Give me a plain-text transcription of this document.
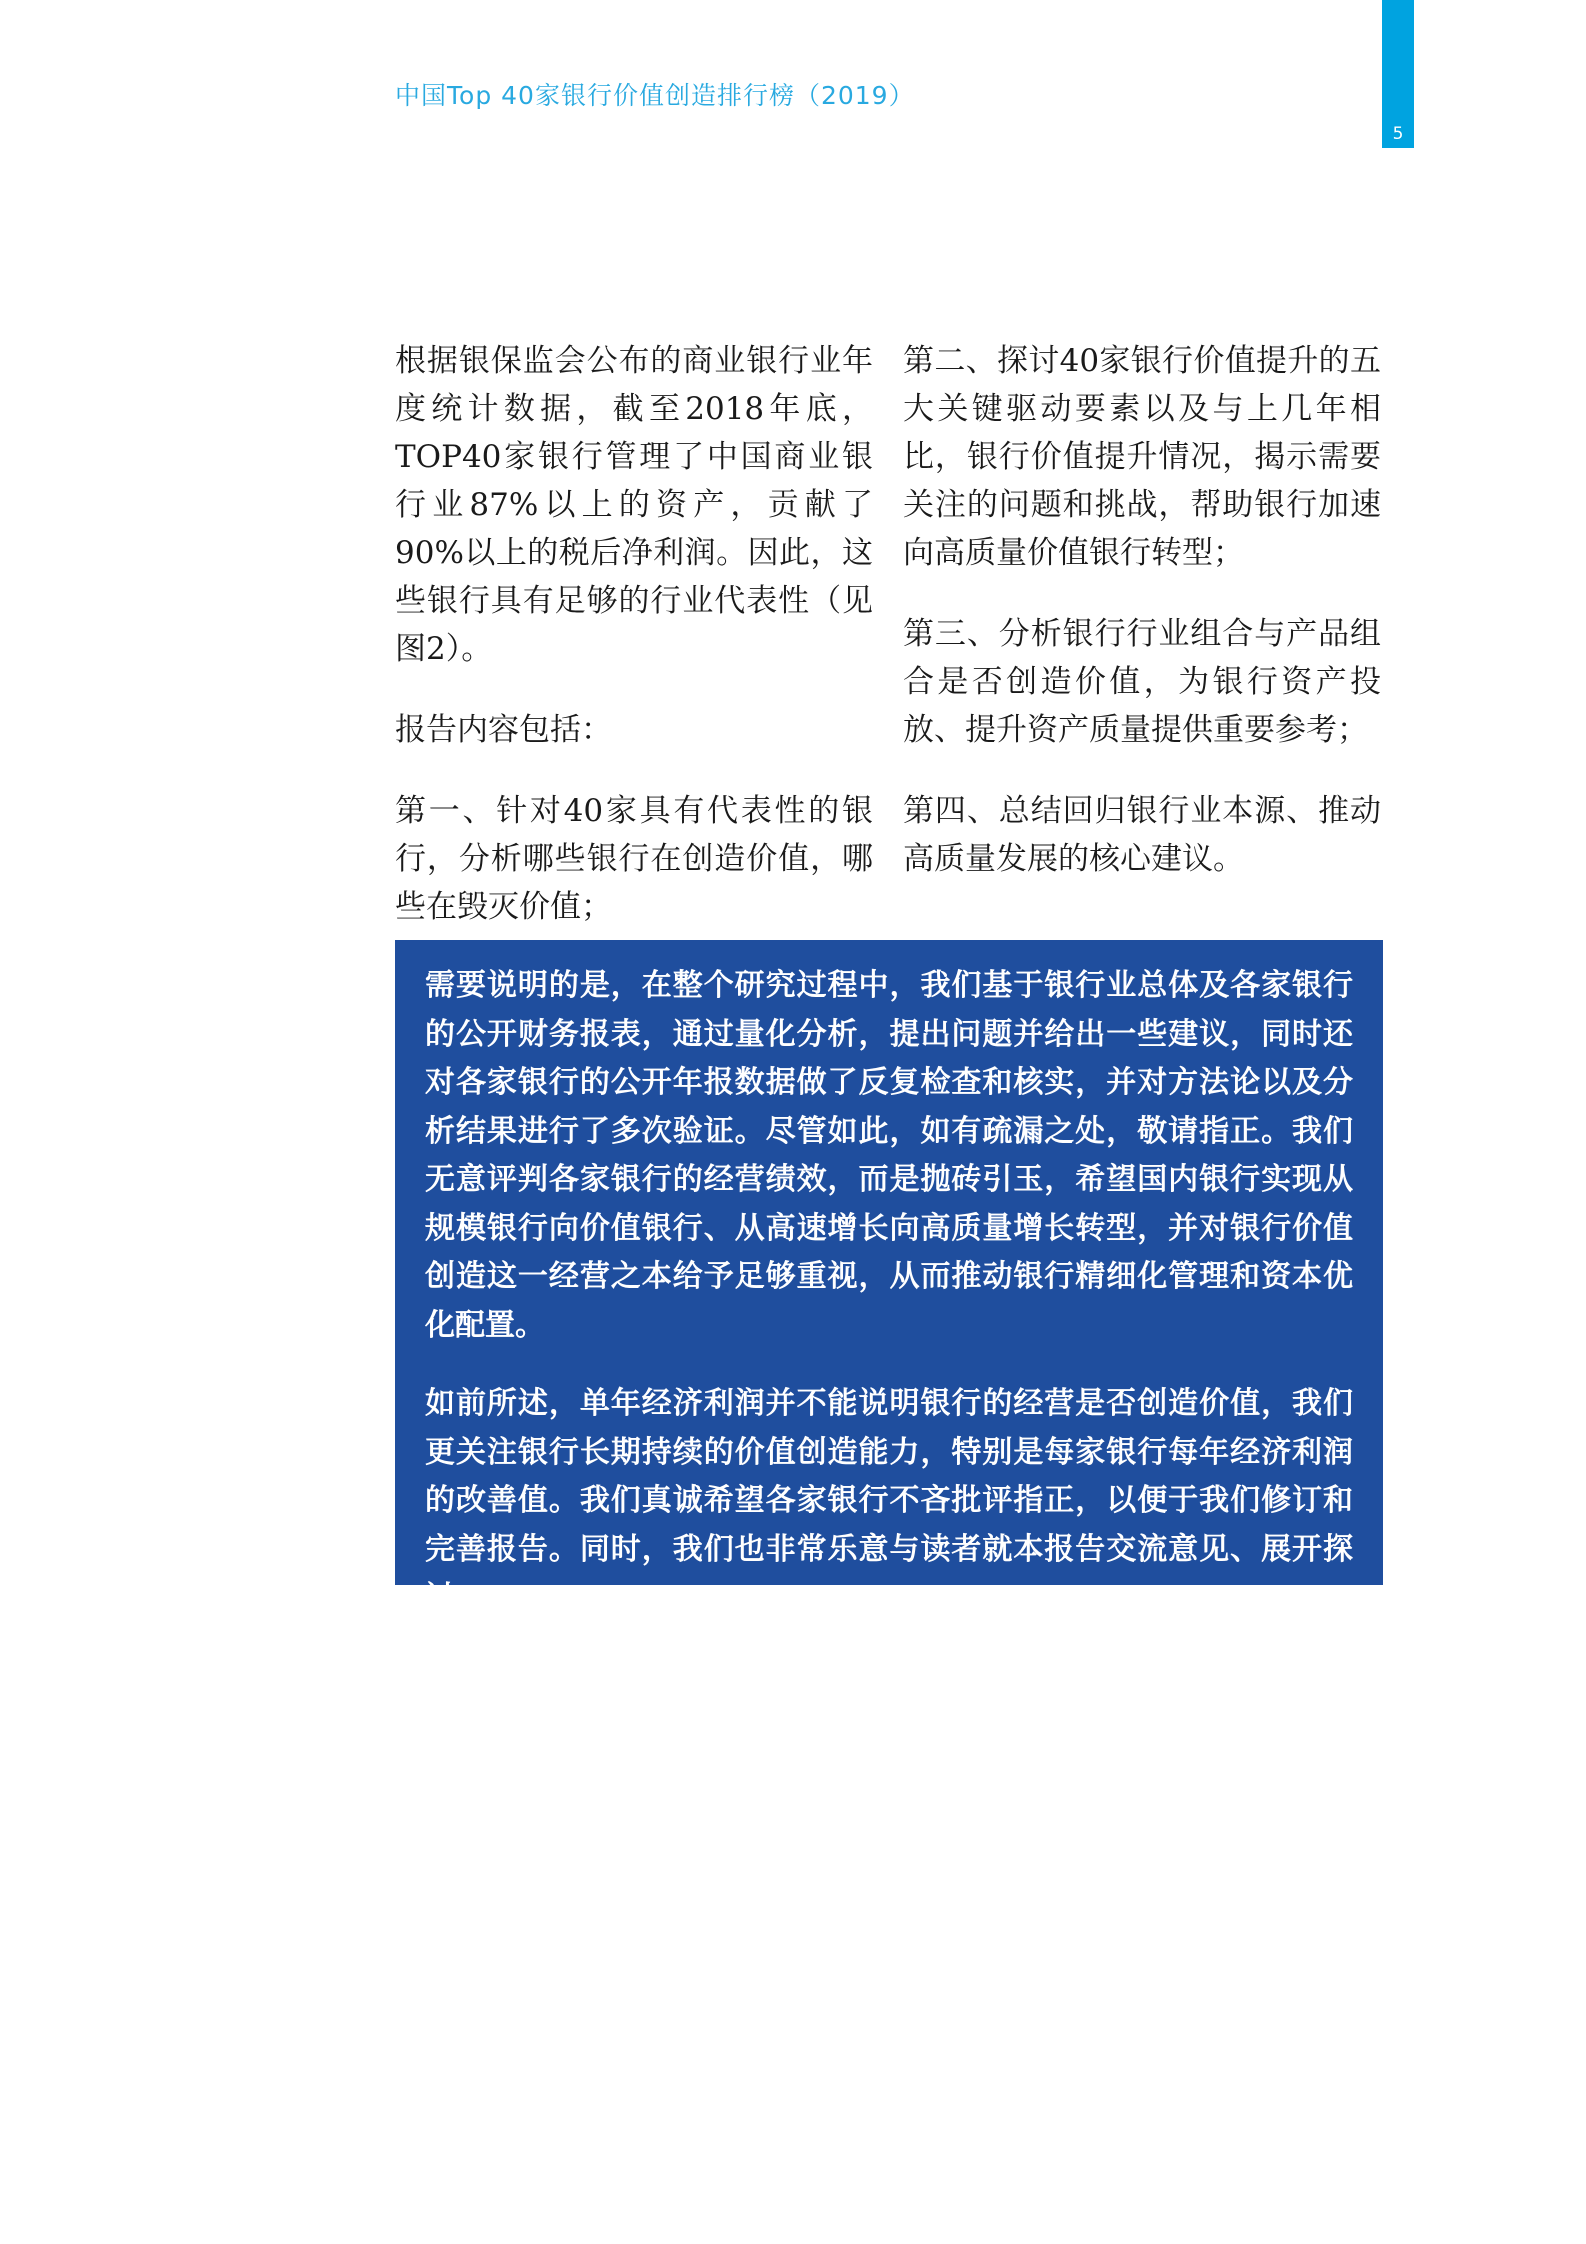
中国Top 40家银行价值创造排行榜（2019）
5

根据银保监会公布的商业银行业年度统计数据，截至2018年底，TOP40家银行管理了中国商业银行业87%以上的资产，贡献了90%以上的税后净利润。因此，这些银行具有足够的行业代表性（见图2）。

报告内容包括：

第一、针对40家具有代表性的银行，分析哪些银行在创造价值，哪些在毁灭价值；

第二、探讨40家银行价值提升的五大关键驱动要素以及与上几年相比，银行价值提升情况，揭示需要关注的问题和挑战，帮助银行加速向高质量价值银行转型；

第三、分析银行行业组合与产品组合是否创造价值，为银行资产投放、提升资产质量提供重要参考；

第四、总结回归银行业本源、推动高质量发展的核心建议。

需要说明的是，在整个研究过程中，我们基于银行业总体及各家银行的公开财务报表，通过量化分析，提出问题并给出一些建议，同时还对各家银行的公开年报数据做了反复检查和核实，并对方法论以及分析结果进行了多次验证。尽管如此，如有疏漏之处，敬请指正。我们无意评判各家银行的经营绩效，而是抛砖引玉，希望国内银行实现从规模银行向价值银行、从高速增长向高质量增长转型，并对银行价值创造这一经营之本给予足够重视，从而推动银行精细化管理和资本优化配置。

如前所述，单年经济利润并不能说明银行的经营是否创造价值，我们更关注银行长期持续的价值创造能力，特别是每家银行每年经济利润的改善值。我们真诚希望各家银行不吝批评指正，以便于我们修订和完善报告。同时，我们也非常乐意与读者就本报告交流意见、展开探讨。
